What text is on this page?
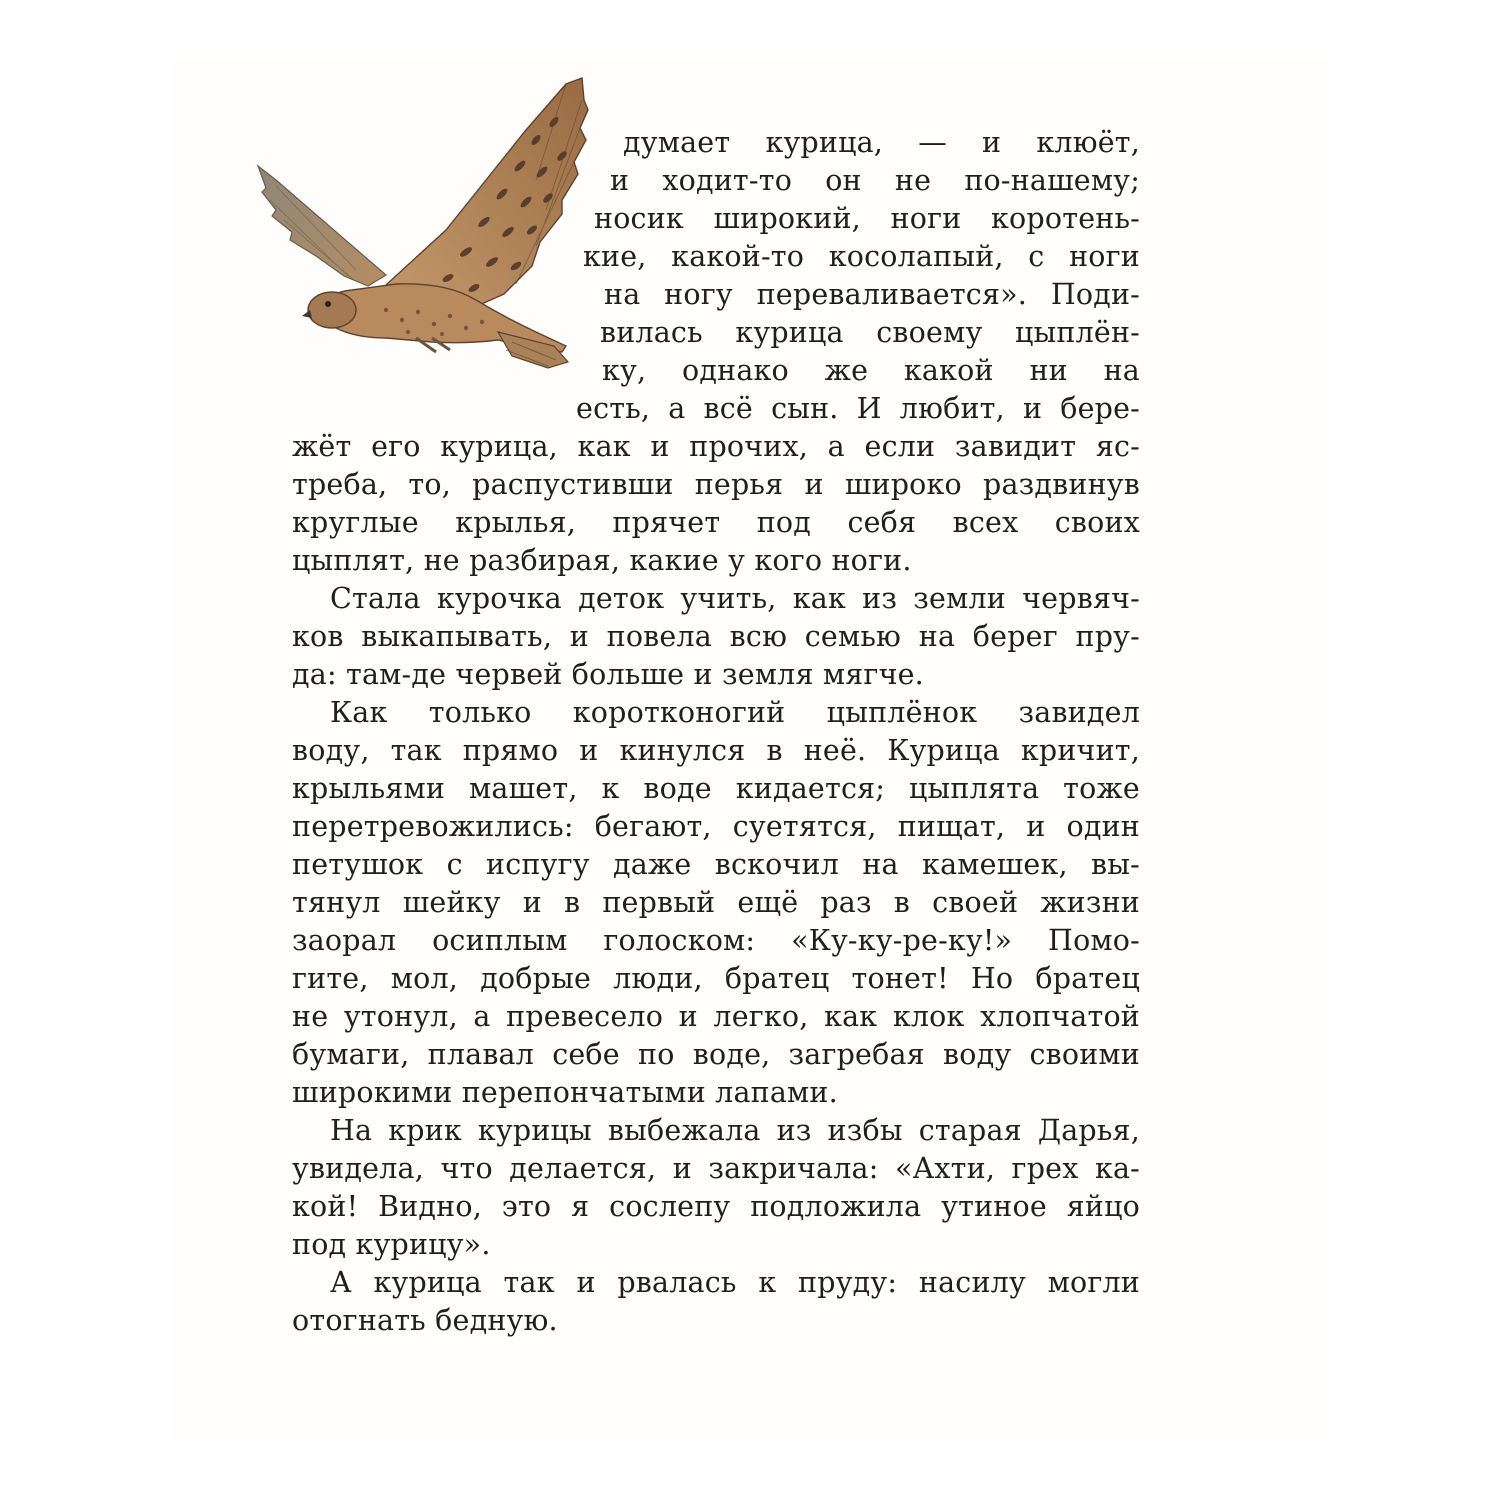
думает курица, — и клюёт,
и ходит-то он не по-нашему;
носик широкий, ноги коротень-
кие, какой-то косолапый, с ноги
на ногу переваливается». Поди-
вилась курица своему цыплён-
ку, однако же какой ни на
есть, а всё сын. И любит, и бере-
жёт его курица, как и прочих, а если завидит яс-
треба, то, распустивши перья и широко раздвинув
круглые крылья, прячет под себя всех своих
цыплят, не разбирая, какие у кого ноги.
Стала курочка деток учить, как из земли червяч-
ков выкапывать, и повела всю семью на берег пру-
да: там-де червей больше и земля мягче.
Как только коротконогий цыплёнок завидел
воду, так прямо и кинулся в неё. Курица кричит,
крыльями машет, к воде кидается; цыплята тоже
перетревожились: бегают, суетятся, пищат, и один
петушок с испугу даже вскочил на камешек, вы-
тянул шейку и в первый ещё раз в своей жизни
заорал осиплым голоском: «Ку-ку-ре-ку!» Помо-
гите, мол, добрые люди, братец тонет! Но братец
не утонул, а превесело и легко, как клок хлопчатой
бумаги, плавал себе по воде, загребая воду своими
широкими перепончатыми лапами.
На крик курицы выбежала из избы старая Дарья,
увидела, что делается, и закричала: «Ахти, грех ка-
кой! Видно, это я сослепу подложила утиное яйцо
под курицу».
А курица так и рвалась к пруду: насилу могли
отогнать бедную.
